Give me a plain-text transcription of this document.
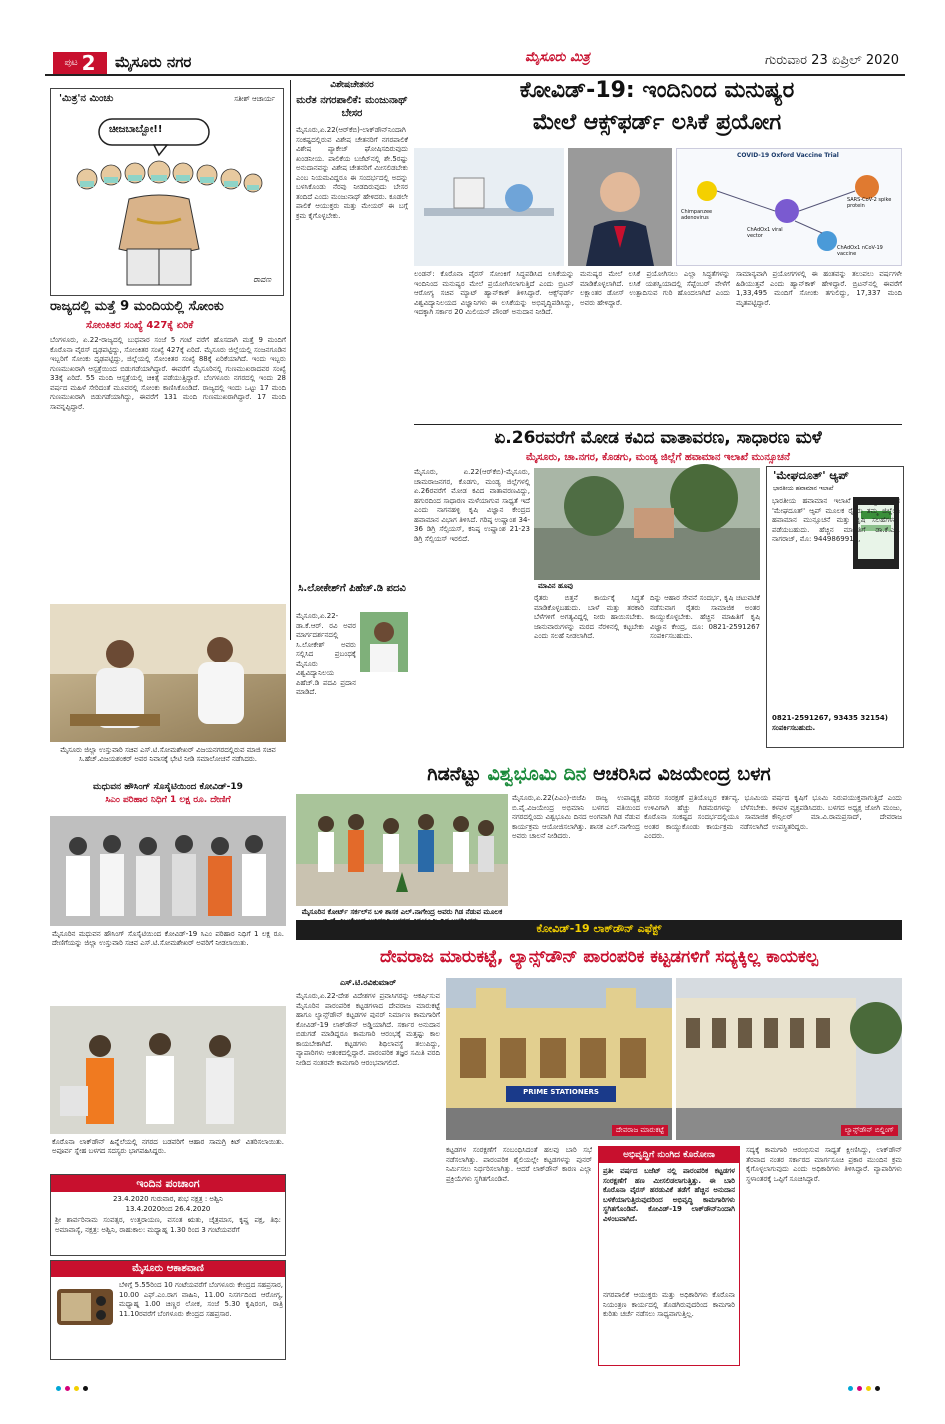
ಪುಟ 2 ಮೈಸೂರು ನಗರ	ಮೈಸೂರು ಮಿತ್ರ	ಗುರುವಾರ 23 ಏಪ್ರಿಲ್ 2020
'ಮಿತ್ರ'ನ ಮಿಂಚು	ಸತೀಶ್ ಆಚಾರ್ಯ
ಚೀಜಬಾಬ್ಬೋ!!
ರಾವಣ
ರಾಜ್ಯದಲ್ಲಿ ಮತ್ತೆ 9 ಮಂದಿಯಲ್ಲಿ ಸೋಂಕು
ಸೋಂಕಿತರ ಸಂಖ್ಯೆ 427ಕ್ಕೆ ಏರಿಕೆ
ಬೆಂಗಳೂರು, ಏ.22-ರಾಜ್ಯದಲ್ಲಿ ಬುಧವಾರ ಸಂಜೆ 5 ಗಂಟೆ ವರೆಗೆ ಹೊಸದಾಗಿ ಮತ್ತೆ 9 ಮಂದಿಗೆ ಕೊರೊನಾ ವೈರಸ್ ದೃಢಪಟ್ಟಿದ್ದು, ಸೋಂಕಿತರ ಸಂಖ್ಯೆ 427ಕ್ಕೆ ಏರಿದೆ. ಮೈಸೂರು ಜಿಲ್ಲೆಯಲ್ಲಿ ಸಂಜನಗೂಡಿನ ಇಬ್ಬರಿಗೆ ಸೋಂಕು ದೃಢಪಟ್ಟಿದ್ದು, ಜಿಲ್ಲೆಯಲ್ಲಿ ಸೋಂಕಿತರ ಸಂಖ್ಯೆ 88ಕ್ಕೆ ಏರಿಕೆಯಾಗಿದೆ. ಇಂದು ಇಬ್ಬರು ಗುಣಮುಖರಾಗಿ ಆಸ್ಪತ್ರೆಯಿಂದ ಬಿಡುಗಡೆಯಾಗಿದ್ದಾರೆ. ಈವರೆಗೆ ಮೈಸೂರಿನಲ್ಲಿ ಗುಣಮುಖರಾದವರ ಸಂಖ್ಯೆ 33ಕ್ಕೆ ಏರಿದೆ. 55 ಮಂದಿ ಆಸ್ಪತ್ರೆಯಲ್ಲಿ ಚಿಕಿತ್ಸೆ ಪಡೆಯುತ್ತಿದ್ದಾರೆ. ಬೆಂಗಳೂರು ನಗರದಲ್ಲಿ ಇಂದು 28 ವರ್ಷದ ಮಹಿಳೆ ಸೇರಿದಂತೆ ಮೂವರಲ್ಲಿ ಸೋಂಕು ಕಾಣಿಸಿಕೊಂಡಿದೆ. ರಾಜ್ಯದಲ್ಲಿ ಇಂದು ಒಟ್ಟು 17 ಮಂದಿ ಗುಣಮುಖರಾಗಿ ಬಿಡುಗಡೆಯಾಗಿದ್ದು, ಈವರೆಗೆ 131 ಮಂದಿ ಗುಣಮುಖರಾಗಿದ್ದಾರೆ. 17 ಮಂದಿ ಸಾವನ್ನಪ್ಪಿದ್ದಾರೆ.
ಮೈಸೂರು ಜಿಲ್ಲಾ ಉಸ್ತುವಾರಿ ಸಚಿವ ಎಸ್.ಟಿ.ಸೋಮಶೇಖರ್ ವಿಜಯನಗರದಲ್ಲಿರುವ ಮಾಜಿ ಸಚಿವ ಸಿ.ಹೆಚ್.ವಿಜಯಶಂಕರ್ ಅವರ ನಿವಾಸಕ್ಕೆ ಭೇಟಿ ನೀಡಿ ಸಮಾಲೋಚನೆ ನಡೆಸಿದರು.
ಮಧುವನ ಹೌಸಿಂಗ್ ಸೊಸೈಟಿಯಿಂದ ಕೋವಿಡ್-19
ಸಿಎಂ ಪರಿಹಾರ ನಿಧಿಗೆ 1 ಲಕ್ಷ ರೂ. ದೇಣಿಗೆ
ಮೈಸೂರಿನ ಮಧುವನ ಹೌಸಿಂಗ್ ಸೊಸೈಟಿಯಿಂದ ಕೋವಿಡ್-19 ಸಿಎಂ ಪರಿಹಾರ ನಿಧಿಗೆ 1 ಲಕ್ಷ ರೂ. ದೇಣಿಗೆಯನ್ನು ಜಿಲ್ಲಾ ಉಸ್ತುವಾರಿ ಸಚಿವ ಎಸ್.ಟಿ.ಸೋಮಶೇಖರ್ ಅವರಿಗೆ ನೀಡಲಾಯಿತು.
ಕೊರೊನಾ ಲಾಕ್‌ಡೌನ್ ಹಿನ್ನೆಲೆಯಲ್ಲಿ ನಗರದ ಬಡವರಿಗೆ ಆಹಾರ ಸಾಮಗ್ರಿ ಕಿಟ್ ವಿತರಿಸಲಾಯಿತು. ಅಪೂರ್ವ ಸ್ನೇಹ ಬಳಗದ ಸದಸ್ಯರು ಭಾಗವಹಿಸಿದ್ದರು.
ಇಂದಿನ ಪಂಚಾಂಗ
23.4.2020 ಗುರುವಾರ, ಶುಭ ನಕ್ಷತ್ರ : ಅಶ್ವಿನಿ
13.4.2020ರಿಂದ 26.4.2020
ಶ್ರೀ ಶಾರ್ವರಿನಾಮ ಸಂವತ್ಸರ, ಉತ್ತರಾಯಣ, ವಸಂತ ಋತು, ಚೈತ್ರಮಾಸ, ಕೃಷ್ಣ ಪಕ್ಷ, ತಿಥಿ: ಅಮಾವಾಸ್ಯೆ, ನಕ್ಷತ್ರ: ಅಶ್ವಿನಿ, ರಾಹುಕಾಲ: ಮಧ್ಯಾಹ್ನ 1.30 ರಿಂದ 3 ಗಂಟೆಯವರೆಗೆ
ಮೈಸೂರು ಆಕಾಶವಾಣಿ
ಬೆಳಿಗ್ಗೆ 5.55ರಿಂದ 10 ಗಂಟೆಯವರೆಗೆ ಬೆಂಗಳೂರು ಕೇಂದ್ರದ ಸಹಪ್ರಸಾರ, 10.00 ಎಫ್.ಎಂ.ರಾಗ ವಾಹಿನಿ, 11.00 ನಿಸರ್ಗದಿಂದ ಆರೋಗ್ಯ, ಮಧ್ಯಾಹ್ನ 1.00 ಚಿಣ್ಣರ ಲೋಕ, ಸಂಜೆ 5.30 ಕೃಷಿರಂಗ, ರಾತ್ರಿ 11.10ರವರೆಗೆ ಬೆಂಗಳೂರು ಕೇಂದ್ರದ ಸಹಪ್ರಸಾರ.
ವಿಶೇಷಚೇತನರ
ಮರೆತ ನಗರಪಾಲಿಕೆ: ಮಂಜುನಾಥ್ ಬೇಸರ
ಮೈಸೂರು,ಏ.22(ಆರ್‌ಕೆಬಿ)-ಲಾಕ್‌ಡೌನ್‌ನಿಂದಾಗಿ ಸಂಕಷ್ಟದಲ್ಲಿರುವ ವಿಶೇಷ ಚೇತನರಿಗೆ ನಗರಪಾಲಿಕೆ ವಿಶೇಷ ಪ್ಯಾಕೇಜ್ ಘೋಷಿಸದಿರುವುದು ಖಂಡನೀಯ. ಪಾಲಿಕೆಯ ಬಜೆಟ್‌ನಲ್ಲಿ ಶೇ.5ರಷ್ಟು ಅನುದಾನವನ್ನು ವಿಶೇಷ ಚೇತನರಿಗೆ ಮೀಸಲಿಡಬೇಕು ಎಂಬ ನಿಯಮವಿದ್ದರೂ ಈ ಸಂದರ್ಭದಲ್ಲಿ ಅದನ್ನು ಬಳಸಿಕೊಂಡು ನೆರವು ನೀಡದಿರುವುದು ಬೇಸರ ತಂದಿದೆ ಎಂದು ಮಂಜುನಾಥ್ ಹೇಳಿದರು. ಕೂಡಲೇ ಪಾಲಿಕೆ ಆಯುಕ್ತರು ಮತ್ತು ಮೇಯರ್ ಈ ಬಗ್ಗೆ ಕ್ರಮ ಕೈಗೊಳ್ಳಬೇಕು.
ಸಿ.ಲೋಕೇಶ್‌ಗೆ ಪಿಹೆಚ್.ಡಿ ಪದವಿ
ಮೈಸೂರು,ಏ.22-ಡಾ.ಕೆ.ಆರ್. ರವಿ ಅವರ ಮಾರ್ಗದರ್ಶನದಲ್ಲಿ ಸಿ.ಲೋಕೇಶ್ ಅವರು ಸಲ್ಲಿಸಿದ ಪ್ರಬಂಧಕ್ಕೆ ಮೈಸೂರು ವಿಶ್ವವಿದ್ಯಾನಿಲಯ ಪಿಹೆಚ್.ಡಿ ಪದವಿ ಪ್ರದಾನ ಮಾಡಿದೆ.
ಕೋವಿಡ್-19: ಇಂದಿನಿಂದ ಮನುಷ್ಯರ
ಮೇಲೆ ಆಕ್ಸ್‌ಫರ್ಡ್ ಲಸಿಕೆ ಪ್ರಯೋಗ
COVID-19 Oxford Vaccine Trial
Chimpanzee adenovirus
ChAdOx1 viral vector
SARS-CoV-2 spike protein
ChAdOx1 nCoV-19 vaccine
ಲಂಡನ್: ಕೊರೊನಾ ವೈರಸ್ ಸೋಂಕಿಗೆ ಸಿದ್ಧಪಡಿಸಿದ ಲಸಿಕೆಯನ್ನು ಇಂದಿನಿಂದ ಮನುಷ್ಯರ ಮೇಲೆ ಪ್ರಯೋಗಿಸಲಾಗುತ್ತಿದೆ ಎಂದು ಬ್ರಿಟನ್ ಆರೋಗ್ಯ ಸಚಿವ ಮ್ಯಾಟ್ ಹ್ಯಾನ್‌ಕಾಕ್ ತಿಳಿಸಿದ್ದಾರೆ. ಆಕ್ಸ್‌ಫರ್ಡ್ ವಿಶ್ವವಿದ್ಯಾನಿಲಯದ ವಿಜ್ಞಾನಿಗಳು ಈ ಲಸಿಕೆಯನ್ನು ಅಭಿವೃದ್ಧಿಪಡಿಸಿದ್ದು, ಇದಕ್ಕಾಗಿ ಸರ್ಕಾರ 20 ಮಿಲಿಯನ್ ಪೌಂಡ್ ಅನುದಾನ ನೀಡಿದೆ.
ಮನುಷ್ಯರ ಮೇಲೆ ಲಸಿಕೆ ಪ್ರಯೋಗಿಸಲು ಎಲ್ಲಾ ಸಿದ್ಧತೆಗಳನ್ನು ಮಾಡಿಕೊಳ್ಳಲಾಗಿದೆ. ಲಸಿಕೆ ಯಶಸ್ವಿಯಾದಲ್ಲಿ ಸೆಪ್ಟೆಂಬರ್ ವೇಳೆಗೆ ಲಕ್ಷಾಂತರ ಡೋಸ್ ಉತ್ಪಾದಿಸುವ ಗುರಿ ಹೊಂದಲಾಗಿದೆ ಎಂದು ಅವರು ಹೇಳಿದ್ದಾರೆ.
ಸಾಮಾನ್ಯವಾಗಿ ಪ್ರಯೋಗಗಳಲ್ಲಿ ಈ ಹಂತವನ್ನು ತಲುಪಲು ವರ್ಷಗಳೇ ಹಿಡಿಯುತ್ತವೆ ಎಂದು ಹ್ಯಾನ್‌ಕಾಕ್ ಹೇಳಿದ್ದಾರೆ. ಬ್ರಿಟನ್‌ನಲ್ಲಿ ಈವರೆಗೆ 1,33,495 ಮಂದಿಗೆ ಸೋಂಕು ತಗುಲಿದ್ದು, 17,337 ಮಂದಿ ಮೃತಪಟ್ಟಿದ್ದಾರೆ.
ಏ.26ರವರೆಗೆ ಮೋಡ ಕವಿದ ವಾತಾವರಣ, ಸಾಧಾರಣ ಮಳೆ
ಮೈಸೂರು, ಚಾ.ನಗರ, ಕೊಡಗು, ಮಂಡ್ಯ ಜಿಲ್ಲೆಗೆ ಹವಾಮಾನ ಇಲಾಖೆ ಮುನ್ಸೂಚನೆ
ಮೈಸೂರು, ಏ.22(ಆರ್‌ಕೆಬಿ)-ಮೈಸೂರು, ಚಾಮರಾಜನಗರ, ಕೊಡಗು, ಮಂಡ್ಯ ಜಿಲ್ಲೆಗಳಲ್ಲಿ ಏ.26ರವರೆಗೆ ಮೋಡ ಕವಿದ ವಾತಾವರಣವಿದ್ದು, ಹಗುರದಿಂದ ಸಾಧಾರಣ ಮಳೆಯಾಗುವ ಸಾಧ್ಯತೆ ಇದೆ ಎಂದು ನಾಗನಹಳ್ಳಿ ಕೃಷಿ ವಿಜ್ಞಾನ ಕೇಂದ್ರದ ಹವಾಮಾನ ವಿಭಾಗ ತಿಳಿಸಿದೆ. ಗರಿಷ್ಠ ಉಷ್ಣಾಂಶ 34-36 ಡಿಗ್ರಿ ಸೆಲ್ಸಿಯಸ್, ಕನಿಷ್ಠ ಉಷ್ಣಾಂಶ 21-23 ಡಿಗ್ರಿ ಸೆಲ್ಸಿಯಸ್ ಇರಲಿದೆ.
ಮಾವಿನ ಹೂವು
ರೈತರು ಬಿತ್ತನೆ ಕಾರ್ಯಕ್ಕೆ ಸಿದ್ಧತೆ ಮಾಡಿಕೊಳ್ಳಬಹುದು. ಬಾಳೆ ಮತ್ತು ತರಕಾರಿ ಬೆಳೆಗಳಿಗೆ ಅಗತ್ಯವಿದ್ದಲ್ಲಿ ನೀರು ಹಾಯಿಸಬೇಕು. ಜಾನುವಾರುಗಳನ್ನು ಮರದ ನೆರಳಿನಲ್ಲಿ ಕಟ್ಟಬೇಕು ಎಂದು ಸಲಹೆ ನೀಡಲಾಗಿದೆ.
ದಿನ್ನು ಆಹಾರ ಸೇವನೆ ಸಂದರ್ಭ, ಕೃಷಿ ಚಟುವಟಿಕೆ ನಡೆಸುವಾಗ ರೈತರು ಸಾಮಾಜಿಕ ಅಂತರ ಕಾಯ್ದುಕೊಳ್ಳಬೇಕು. ಹೆಚ್ಚಿನ ಮಾಹಿತಿಗೆ ಕೃಷಿ ವಿಜ್ಞಾನ ಕೇಂದ್ರ, ದೂ: 0821-2591267 ಸಂಪರ್ಕಿಸಬಹುದು.
'ಮೇಘದೂತ್' ಆ್ಯಪ್
ಭಾರತೀಯ ಹವಾಮಾನ ಇಲಾಖೆ
ಭಾರತೀಯ ಹವಾಮಾನ ಇಲಾಖೆ ಅಭಿವೃದ್ಧಿಪಡಿಸಿರುವ 'ಮೇಘದೂತ್' ಆ್ಯಪ್ ಮೂಲಕ ರೈತರು ತಮ್ಮ ಜಿಲ್ಲೆಯ ಹವಾಮಾನ ಮುನ್ಸೂಚನೆ ಮತ್ತು ಕೃಷಿ ಸಲಹೆಗಳನ್ನು ಪಡೆಯಬಹುದು. ಹೆಚ್ಚಿನ ಮಾಹಿತಿಗೆ ಡಾ.ಕೆ.ಎಂ. ನಾಗರಾಜ್, ಮೊ: 9449869914,
0821-2591267, 93435 32154) ಸಂಪರ್ಕಿಸಬಹುದು.
ಗಿಡನೆಟ್ಟು ವಿಶ್ವಭೂಮಿ ದಿನ ಆಚರಿಸಿದ ವಿಜಯೇಂದ್ರ ಬಳಗ
ಮೈಸೂರಿನ ಕೋರ್ಟ್ ಸರ್ಕಲ್‌ನ ಬಳಿ ಶಾಸಕ ಎಲ್.ನಾಗೇಂದ್ರ ಅವರು ಗಿಡ ನೆಡುವ ಮೂಲಕ
ಮೈಸೂರು,ಏ.22(ಪಿಎಂ)-ಬಿಜೆಪಿ ರಾಜ್ಯ ಉಪಾಧ್ಯಕ್ಷ ಬಿ.ವೈ.ವಿಜಯೇಂದ್ರ ಅಭಿಮಾನಿ ಬಳಗದ ವತಿಯಿಂದ ನಗರದಲ್ಲಿಂದು ವಿಶ್ವಭೂಮಿ ದಿನದ ಅಂಗವಾಗಿ ಗಿಡ ನೆಡುವ ಕಾರ್ಯಕ್ರಮ ಆಯೋಜಿಸಲಾಗಿತ್ತು. ಶಾಸಕ ಎಲ್.ನಾಗೇಂದ್ರ ಅವರು ಚಾಲನೆ ನೀಡಿದರು.
ಪರಿಸರ ಸಂರಕ್ಷಣೆ ಪ್ರತಿಯೊಬ್ಬರ ಕರ್ತವ್ಯ. ಭೂಮಿಯ ಉಳಿವಿಗಾಗಿ ಹೆಚ್ಚು ಗಿಡಮರಗಳನ್ನು ಬೆಳೆಸಬೇಕು. ಕೊರೊನಾ ಸಂಕಷ್ಟದ ಸಂದರ್ಭದಲ್ಲಿಯೂ ಸಾಮಾಜಿಕ ಅಂತರ ಕಾಯ್ದುಕೊಂಡು ಕಾರ್ಯಕ್ರಮ ನಡೆಸಲಾಗಿದೆ ಎಂದರು.
ವರ್ಷದ ಕೃಷಿಗೆ ಭೂಮಿ ನಿರುಪಯುಕ್ತವಾಗುತ್ತಿದೆ ಎಂದು ಕಳವಳ ವ್ಯಕ್ತಪಡಿಸಿದರು. ಬಳಗದ ಅಧ್ಯಕ್ಷ ಜೋಗಿ ಮಂಜು, ಕೌನ್ಸಿಲರ್ ಮಾ.ವಿ.ರಾಮಪ್ರಸಾದ್, ದೇವರಾಜ ಉಪಸ್ಥಿತರಿದ್ದರು.
ಕೋವಿಡ್-19 ಲಾಕ್‌ಡೌನ್ ಎಫೆಕ್ಟ್
ದೇವರಾಜ ಮಾರುಕಟ್ಟೆ, ಲ್ಯಾನ್ಸ್‌ಡೌನ್ ಪಾರಂಪರಿಕ ಕಟ್ಟಡಗಳಿಗೆ ಸದ್ಯಕ್ಕಿಲ್ಲ ಕಾಯಕಲ್ಪ
ಎಸ್.ಟಿ.ರವಿಕುಮಾರ್
ಮೈಸೂರು,ಏ.22-ದೇಶ ವಿದೇಶಗಳ ಪ್ರವಾಸಿಗರನ್ನು ಆಕರ್ಷಿಸುವ ಮೈಸೂರಿನ ಪಾರಂಪರಿಕ ಕಟ್ಟಡಗಳಾದ ದೇವರಾಜ ಮಾರುಕಟ್ಟೆ ಹಾಗೂ ಲ್ಯಾನ್ಸ್‌ಡೌನ್ ಕಟ್ಟಡಗಳ ಪುನರ್ ನಿರ್ಮಾಣ ಕಾಮಗಾರಿಗೆ ಕೋವಿಡ್-19 ಲಾಕ್‌ಡೌನ್ ಅಡ್ಡಿಯಾಗಿದೆ. ಸರ್ಕಾರ ಅನುದಾನ ಬಿಡುಗಡೆ ಮಾಡಿದ್ದರೂ ಕಾಮಗಾರಿ ಆರಂಭಕ್ಕೆ ಮತ್ತಷ್ಟು ಕಾಲ ಕಾಯಬೇಕಾಗಿದೆ. ಕಟ್ಟಡಗಳು ಶಿಥಿಲಾವಸ್ಥೆ ತಲುಪಿದ್ದು, ವ್ಯಾಪಾರಿಗಳು ಆತಂಕದಲ್ಲಿದ್ದಾರೆ. ಪಾರಂಪರಿಕ ತಜ್ಞರ ಸಮಿತಿ ವರದಿ ನೀಡಿದ ನಂತರವೇ ಕಾಮಗಾರಿ ಆರಂಭವಾಗಲಿದೆ.
PRIME STATIONERS
ದೇವರಾಜ ಮಾರುಕಟ್ಟೆ	ಲ್ಯಾನ್ಸ್‌ಡೌನ್ ಬಿಲ್ಡಿಂಗ್
ಕಟ್ಟಡಗಳ ಸಂರಕ್ಷಣೆಗೆ ಸಂಬಂಧಿಸಿದಂತೆ ಹಲವು ಬಾರಿ ಸಭೆ ನಡೆಸಲಾಗಿತ್ತು. ಪಾರಂಪರಿಕ ಶೈಲಿಯಲ್ಲೇ ಕಟ್ಟಡಗಳನ್ನು ಪುನರ್ ನಿರ್ಮಿಸಲು ನಿರ್ಧರಿಸಲಾಗಿತ್ತು. ಆದರೆ ಲಾಕ್‌ಡೌನ್ ಕಾರಣ ಎಲ್ಲಾ ಪ್ರಕ್ರಿಯೆಗಳು ಸ್ಥಗಿತಗೊಂಡಿವೆ.
ಅಭಿವೃದ್ಧಿಗೆ ನುಂಗಿದ ಕೊರೋನಾ
ಪ್ರತೀ ವರ್ಷದ ಬಜೆಟ್ ನಲ್ಲಿ ಪಾರಂಪರಿಕ ಕಟ್ಟಡಗಳ ಸಂರಕ್ಷಣೆಗೆ ಹಣ ಮೀಸಲಿಡಲಾಗುತ್ತಿತ್ತು. ಈ ಬಾರಿ ಕೊರೊನಾ ವೈರಸ್ ಹರಡುವಿಕೆ ತಡೆಗೆ ಹೆಚ್ಚಿನ ಅನುದಾನ ಬಳಕೆಯಾಗುತ್ತಿರುವುದರಿಂದ ಅಭಿವೃದ್ಧಿ ಕಾಮಗಾರಿಗಳು ಸ್ಥಗಿತಗೊಂಡಿವೆ. ಕೋವಿಡ್-19 ಲಾಕ್‌ಡೌನ್‌ನಿಂದಾಗಿ ವಿಳಂಬವಾಗಿದೆ.
ನಗರಪಾಲಿಕೆ ಆಯುಕ್ತರು ಮತ್ತು ಅಧಿಕಾರಿಗಳು ಕೊರೊನಾ ನಿಯಂತ್ರಣ ಕಾರ್ಯದಲ್ಲಿ ತೊಡಗಿರುವುದರಿಂದ ಕಾಮಗಾರಿ ಕುರಿತು ಚರ್ಚೆ ನಡೆಸಲು ಸಾಧ್ಯವಾಗುತ್ತಿಲ್ಲ.
ಸದ್ಯಕ್ಕೆ ಕಾಮಗಾರಿ ಆರಂಭಿಸುವ ಸಾಧ್ಯತೆ ಕ್ಷೀಣಿಸಿದ್ದು, ಲಾಕ್‌ಡೌನ್ ತೆರವಾದ ನಂತರ ಸರ್ಕಾರದ ಮಾರ್ಗಸೂಚಿ ಪ್ರಕಾರ ಮುಂದಿನ ಕ್ರಮ ಕೈಗೊಳ್ಳಲಾಗುವುದು ಎಂದು ಅಧಿಕಾರಿಗಳು ತಿಳಿಸಿದ್ದಾರೆ. ವ್ಯಾಪಾರಿಗಳು ಸ್ಥಳಾಂತರಕ್ಕೆ ಒಪ್ಪಿಗೆ ಸೂಚಿಸಿದ್ದಾರೆ.
